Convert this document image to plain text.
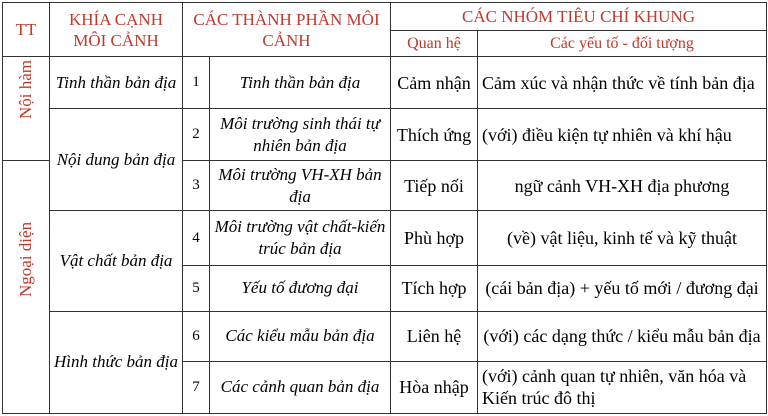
TT	KHÍA CẠNH MÔI CẢNH	CÁC THÀNH PHẦN MÔI CẢNH		CÁC NHÓM TIÊU CHÍ KHUNG	
				Quan hệ	Các yếu tố - đối tượng

Nội hàm	Tinh thần bản địa	1	Tinh thần bản địa	Cảm nhận	Cảm xúc và nhận thức về tính bản địa
	Nội dung bản địa	2	Môi trường sinh thái tự nhiên bản địa	Thích ứng	(với) điều kiện tự nhiên và khí hậu

Ngoại diện		3	Môi trường VH-XH bản địa	Tiếp nối	ngữ cảnh VH-XH địa phương
	Vật chất bản địa	4	Môi trường vật chất-kiến trúc bản địa	Phù hợp	(về) vật liệu, kinh tế và kỹ thuật
		5	Yếu tố đương đại	Tích hợp	(cái bản địa) + yếu tố mới / đương đại
	Hình thức bản địa	6	Các kiểu mẫu bản địa	Liên hệ	(với) các dạng thức / kiểu mẫu bản địa
		7	Các cảnh quan bản địa	Hòa nhập	(với) cảnh quan tự nhiên, văn hóa và Kiến trúc đô thị
